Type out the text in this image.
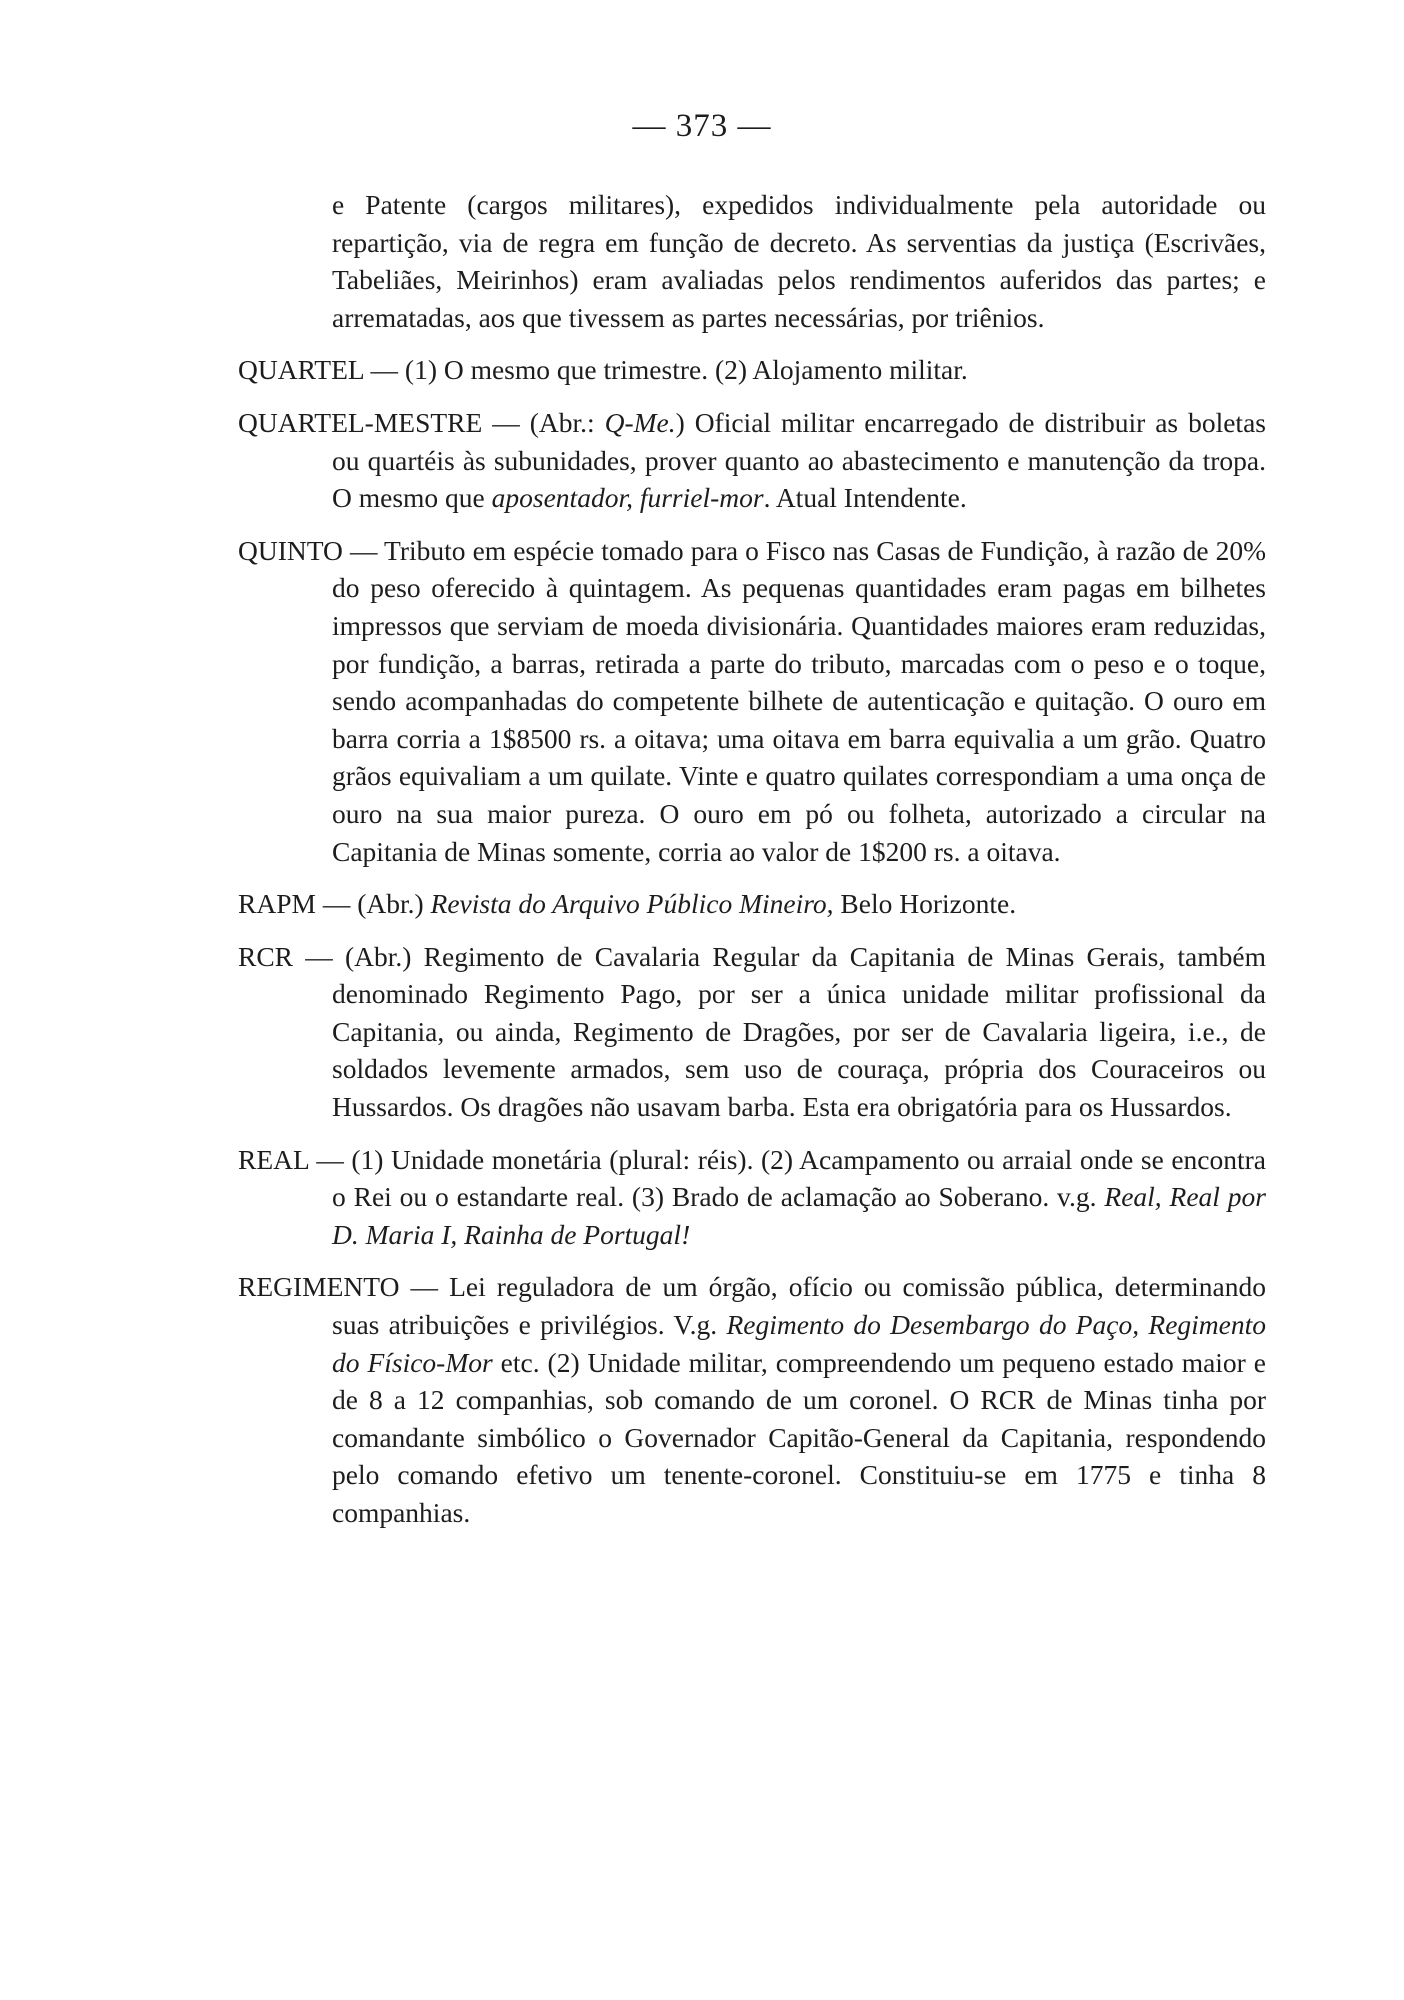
— 373 —

e Patente (cargos militares), expedidos individualmente pela autoridade ou repartição, via de regra em função de decreto. As serventias da justiça (Escrivães, Tabeliães, Meirinhos) eram avaliadas pelos rendimentos auferidos das partes; e arrematadas, aos que tivessem as partes necessárias, por triênios.

QUARTEL — (1) O mesmo que trimestre. (2) Alojamento militar.

QUARTEL-MESTRE — (Abr.: Q-Me.) Oficial militar encarregado de distribuir as boletas ou quartéis às subunidades, prover quanto ao abastecimento e manutenção da tropa. O mesmo que aposentador, furriel-mor. Atual Intendente.

QUINTO — Tributo em espécie tomado para o Fisco nas Casas de Fundição, à razão de 20% do peso oferecido à quintagem. As pequenas quantidades eram pagas em bilhetes impressos que serviam de moeda divisionária. Quantidades maiores eram reduzidas, por fundição, a barras, retirada a parte do tributo, marcadas com o peso e o toque, sendo acompanhadas do competente bilhete de autenticação e quitação. O ouro em barra corria a 1$8500 rs. a oitava; uma oitava em barra equivalia a um grão. Quatro grãos equivaliam a um quilate. Vinte e quatro quilates correspondiam a uma onça de ouro na sua maior pureza. O ouro em pó ou folheta, autorizado a circular na Capitania de Minas somente, corria ao valor de 1$200 rs. a oitava.

RAPM — (Abr.) Revista do Arquivo Público Mineiro, Belo Horizonte.

RCR — (Abr.) Regimento de Cavalaria Regular da Capitania de Minas Gerais, também denominado Regimento Pago, por ser a única unidade militar profissional da Capitania, ou ainda, Regimento de Dragões, por ser de Cavalaria ligeira, i.e., de soldados levemente armados, sem uso de couraça, própria dos Couraceiros ou Hussardos. Os dragões não usavam barba. Esta era obrigatória para os Hussardos.

REAL — (1) Unidade monetária (plural: réis). (2) Acampamento ou arraial onde se encontra o Rei ou o estandarte real. (3) Brado de aclamação ao Soberano. v.g. Real, Real por D. Maria I, Rainha de Portugal!

REGIMENTO — Lei reguladora de um órgão, ofício ou comissão pública, determinando suas atribuições e privilégios. V.g. Regimento do Desembargo do Paço, Regimento do Físico-Mor etc. (2) Unidade militar, compreendendo um pequeno estado maior e de 8 a 12 companhias, sob comando de um coronel. O RCR de Minas tinha por comandante simbólico o Governador Capitão-General da Capitania, respondendo pelo comando efetivo um tenente-coronel. Constituiu-se em 1775 e tinha 8 companhias.
